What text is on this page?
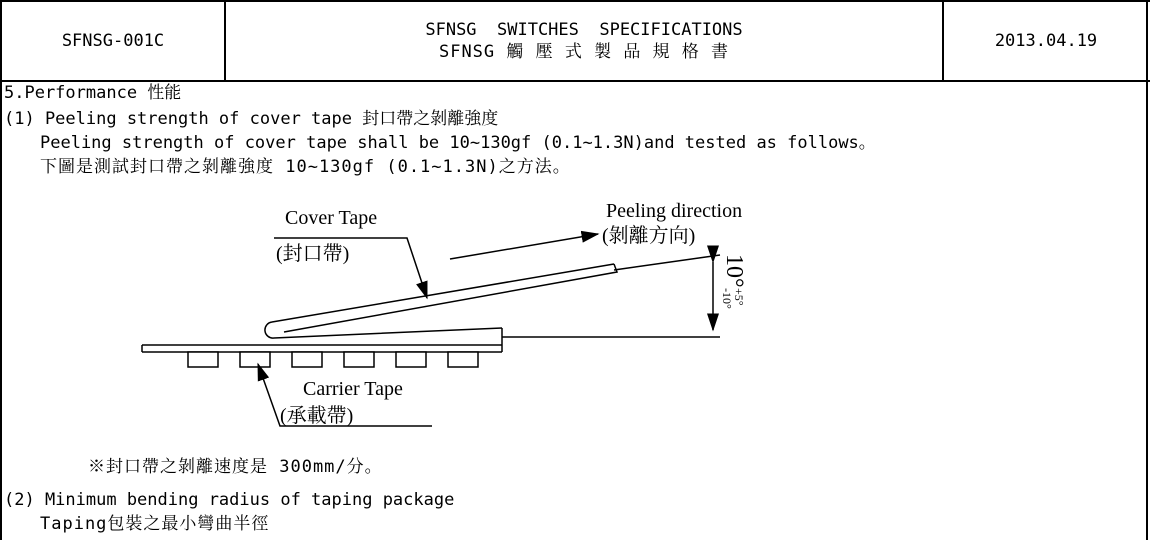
SFNSG-001C
SFNSG  SWITCHES  SPECIFICATIONS
SFNSG 觸 壓 式 製 品 規 格 書
2013.04.19
5.Performance 性能
(1) Peeling strength of cover tape 封口帶之剝離強度
Peeling strength of cover tape shall be 10~130gf (0.1~1.3N)and tested as follows。
下圖是測試封口帶之剝離強度 10~130gf (0.1~1.3N)之方法。
Cover Tape
(封口帶)
Peeling direction
(剝離方向)
10°
+5°
-10°
Carrier Tape
(承載帶)
※封口帶之剝離速度是 300mm/分。
(2) Minimum bending radius of taping package
Taping包裝之最小彎曲半徑
